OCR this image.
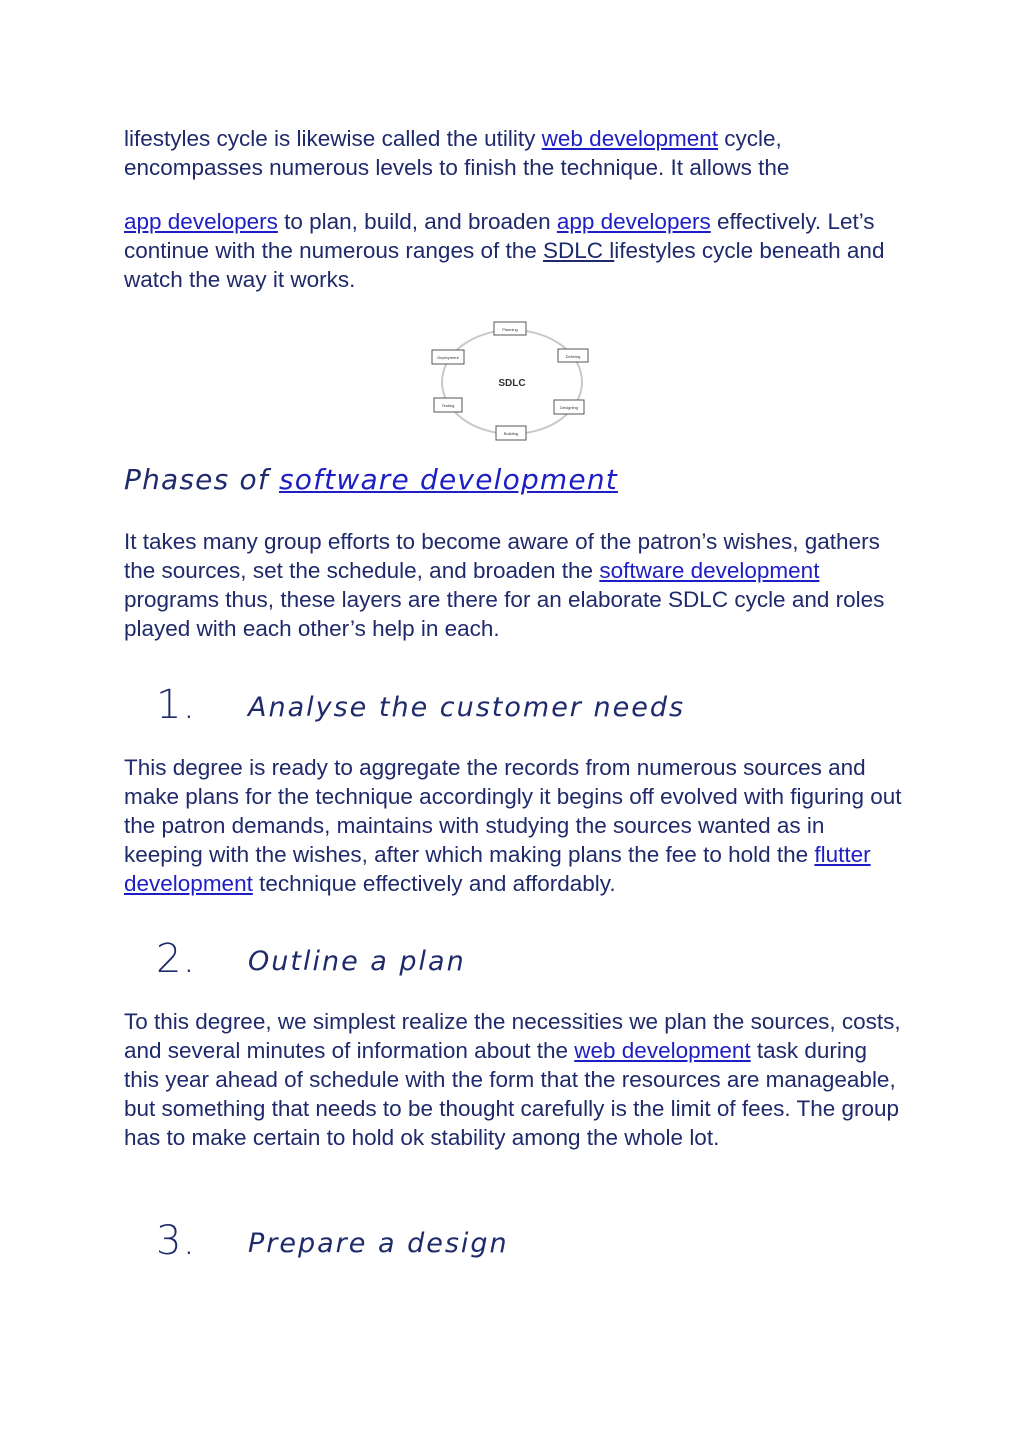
lifestyles cycle is likewise called the utility web development cycle, encompasses numerous levels to finish the technique. It allows the

app developers to plan, build, and broaden app developers effectively. Let’s continue with the numerous ranges of the SDLC lifestyles cycle beneath and watch the way it works.

SDLC
Planning
Defining
Designing
Building
Testing
Deployment
Phases of software development

It takes many group efforts to become aware of the patron’s wishes, gathers the sources, set the schedule, and broaden the software development programs thus, these layers are there for an elaborate SDLC cycle and roles played with each other’s help in each.

1. Analyse the customer needs

This degree is ready to aggregate the records from numerous sources and make plans for the technique accordingly it begins off evolved with figuring out the patron demands, maintains with studying the sources wanted as in keeping with the wishes, after which making plans the fee to hold the flutter development technique effectively and affordably.

2. Outline a plan

To this degree, we simplest realize the necessities we plan the sources, costs, and several minutes of information about the web development task during this year ahead of schedule with the form that the resources are manageable, but something that needs to be thought carefully is the limit of fees. The group has to make certain to hold ok stability among the whole lot.

3. Prepare a design
